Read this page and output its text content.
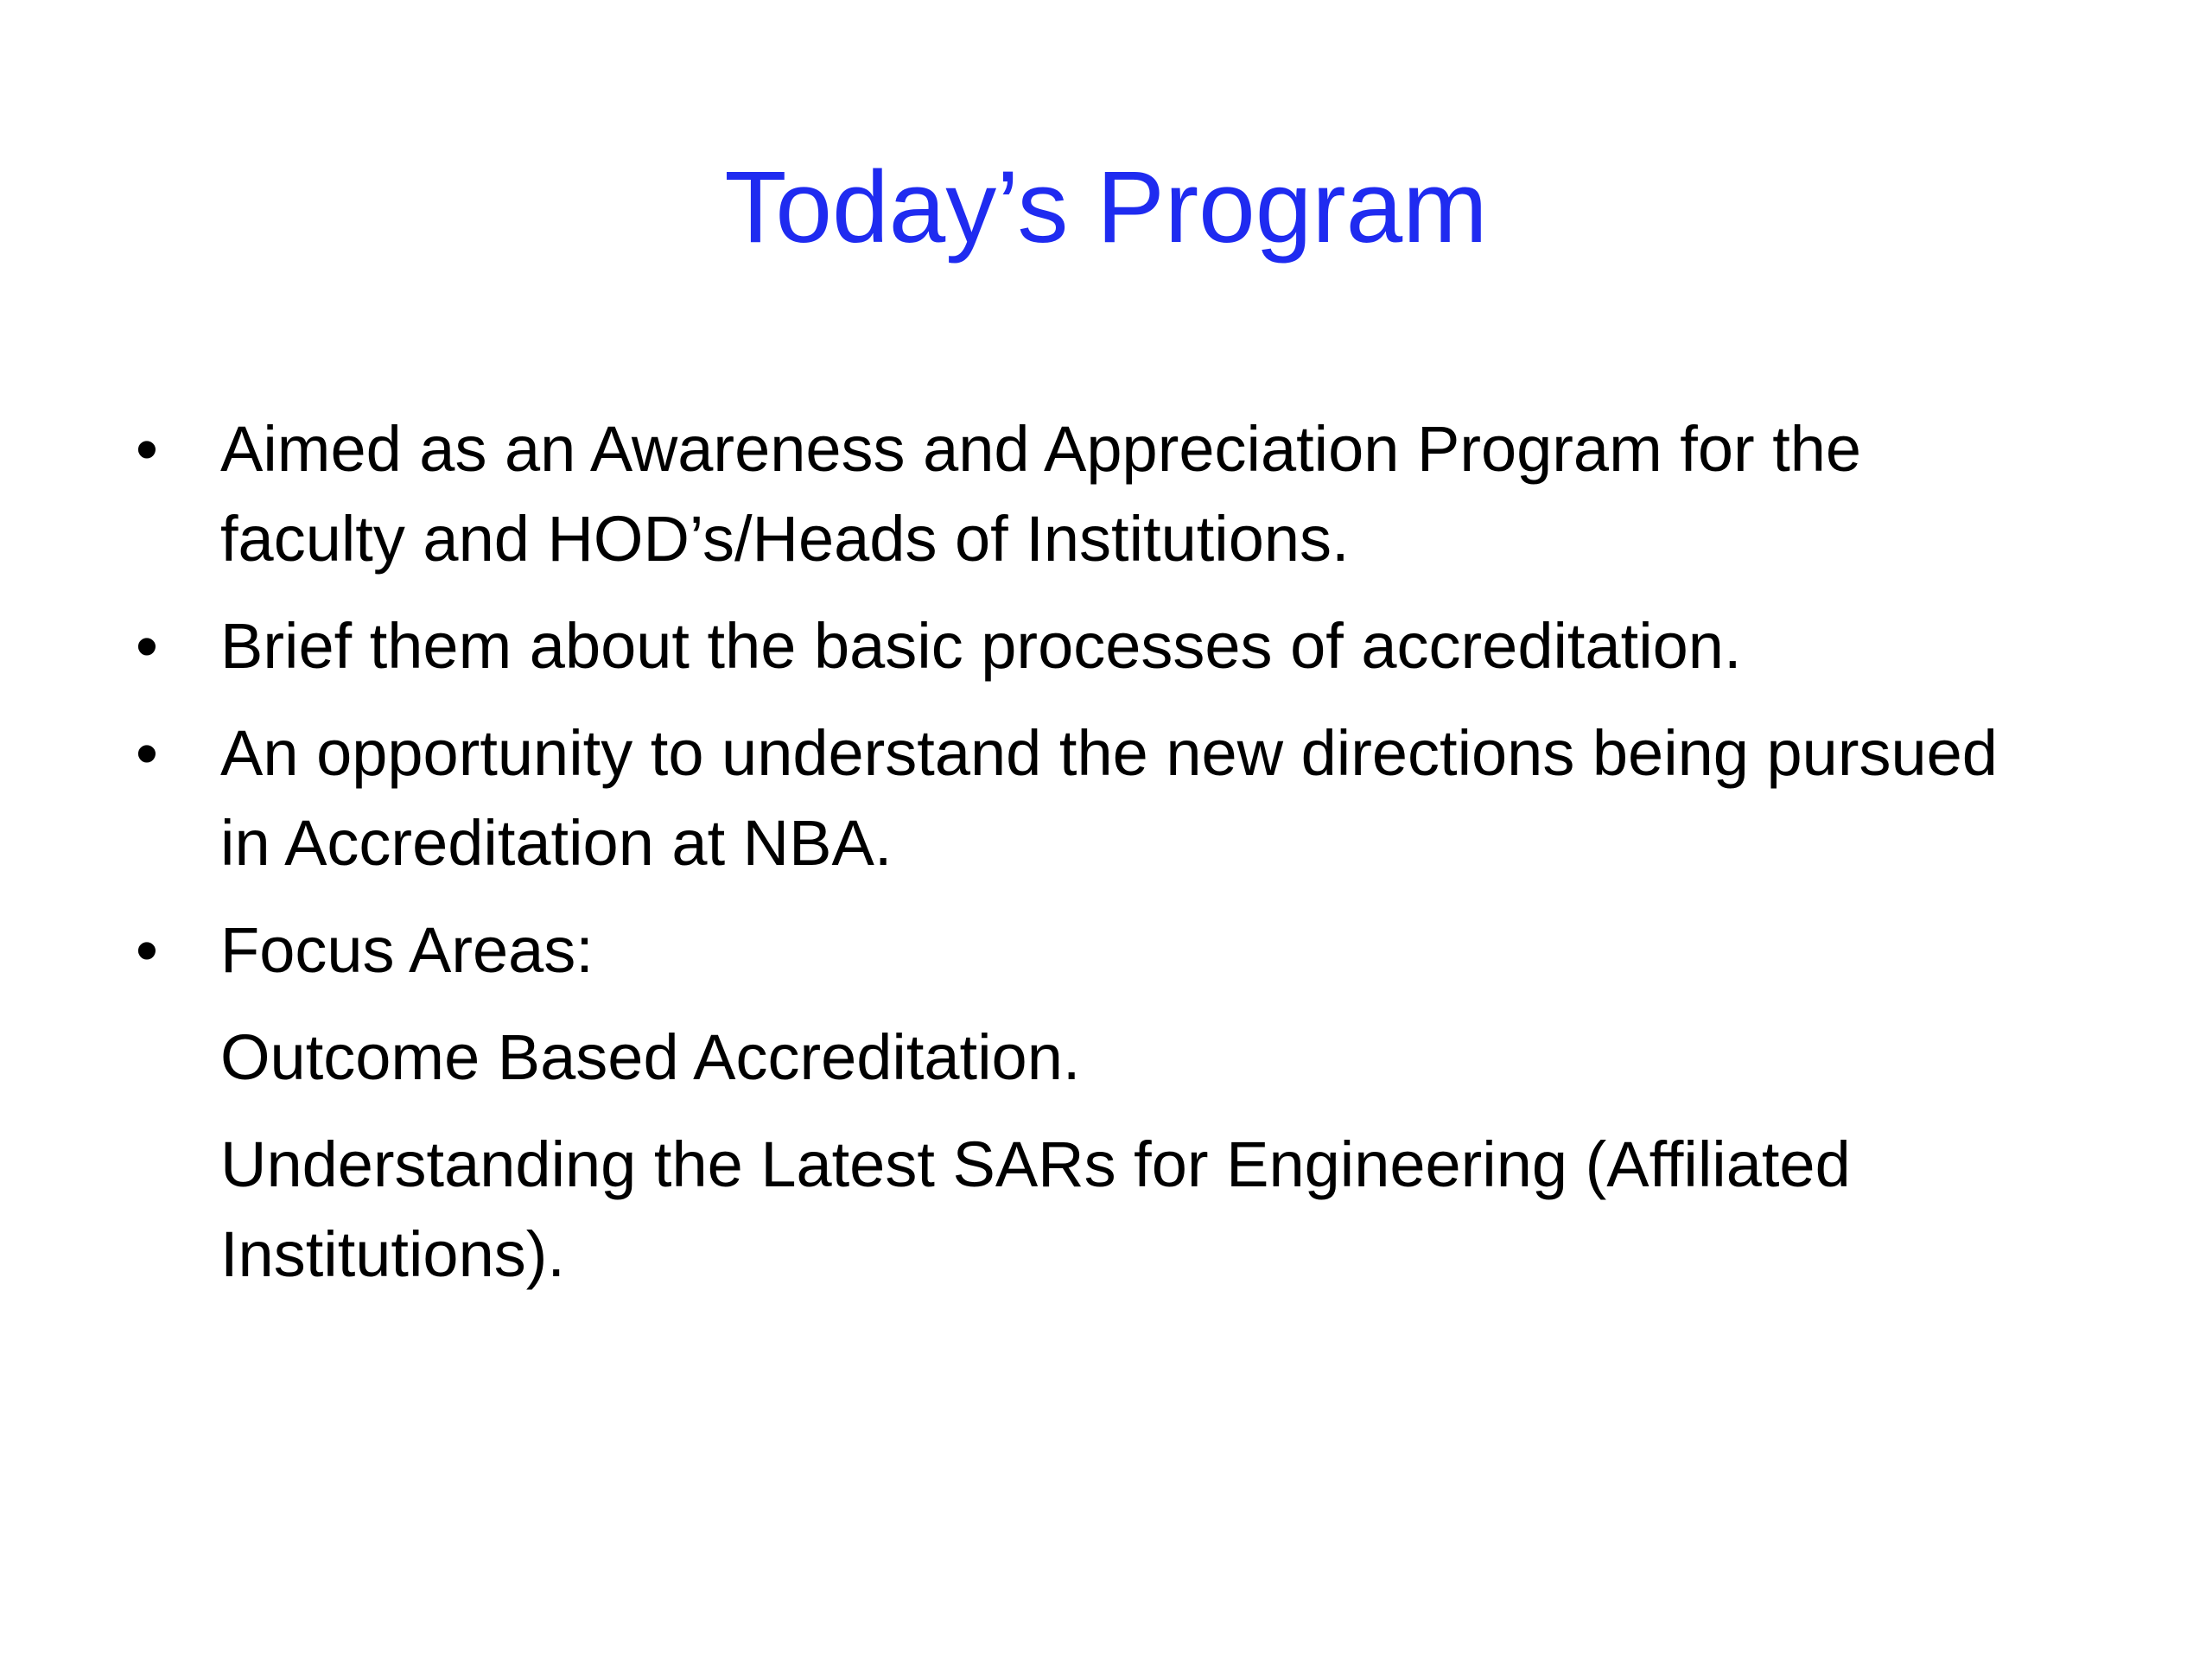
Today’s Program

• Aimed as an Awareness and Appreciation Program for the faculty and HOD’s/Heads of Institutions.

• Brief them about the basic processes of accreditation.

• An opportunity to understand the new directions being pursued in Accreditation at NBA.

• Focus Areas:

Outcome Based Accreditation.

Understanding the Latest SARs for Engineering (Affiliated Institutions).
